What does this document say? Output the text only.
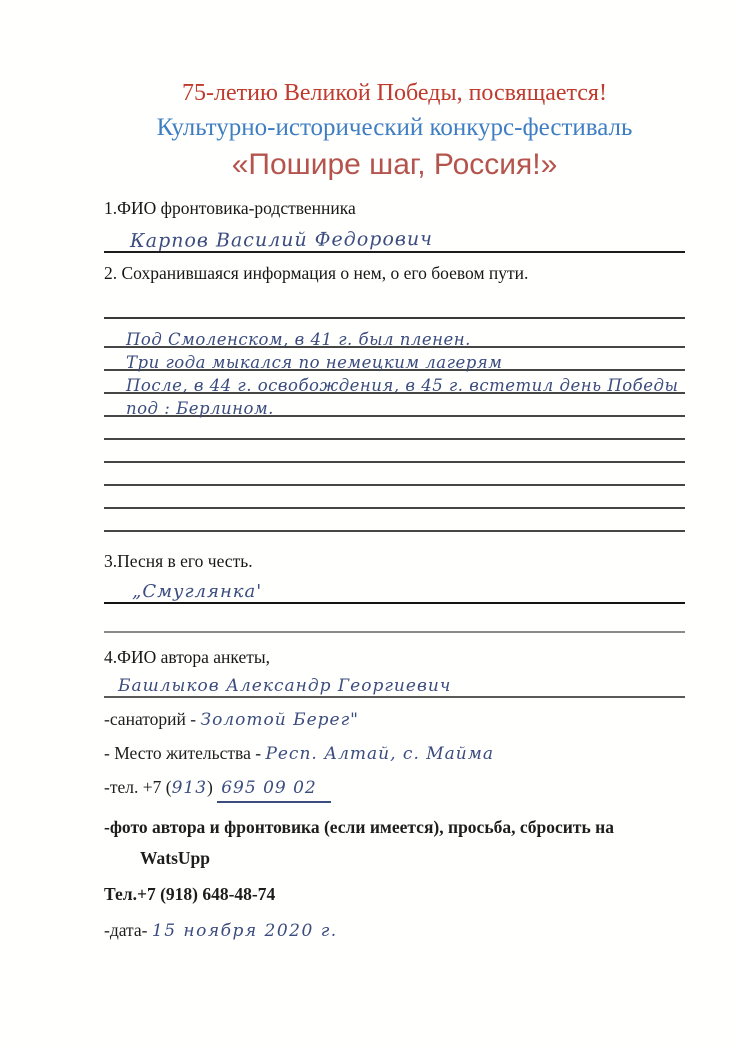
75-летию Великой Победы, посвящается!
Культурно-исторический конкурс-фестиваль
«Пошире шаг, Россия!»
1.ФИО фронтовика-родственника
Карпов Василий Федорович
2. Сохранившаяся информация о нем, о его боевом пути.
Под Смоленском, в 41 г. был пленен.
Три года мыкался по немецким лагерям
После, в 44 г. освобождения, в 45 г. встетил день Победы
под : Берлином.
3.Песня в его честь.
„Смуглянка'
4.ФИО автора анкеты,
Башлыков Александр Георгиевич
-санаторий - Золотой Берег"
- Место жительства - Респ. Алтай, с. Майма
-тел. +7 (913) 695 09 02
-фото автора и фронтовика (если имеется), просьба, сбросить на
WatsUpp
Тел.+7 (918) 648-48-74
-дата- 15 ноября 2020 г.
